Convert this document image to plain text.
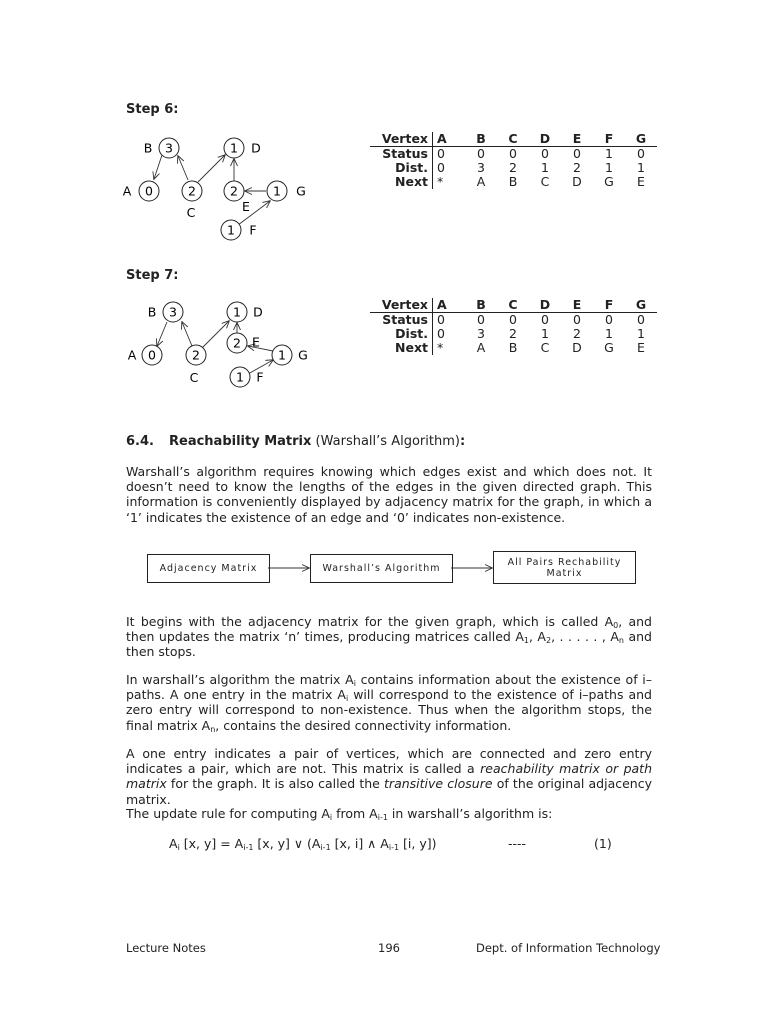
Step 6:
3
B	1 D
0
A	2
C
2
E
1 G
1 F
Vertex	A	B	C	D	E	F	G
Status	0	0	0	0	0	1	0
Dist.	0	3	2	1	2	1	1
Next	*	A	B	C	D	G	E
Step 7:
3
B	1 D
2 E
0
A	2
C
1 G
1 F
Vertex	A	B	C	D	E	F	G
Status	0	0	0	0	0	0	0
Dist.	0	3	2	1	2	1	1
Next	*	A	B	C	D	G	E
6.4. Reachability Matrix (Warshall’s Algorithm):
Warshall’s algorithm requires knowing which edges exist and which does not. It doesn’t need to know the lengths of the edges in the given directed graph. This information is conveniently displayed by adjacency matrix for the graph, in which a ‘1’ indicates the existence of an edge and ‘0’ indicates non-existence.
Adjacency Matrix	Warshall’s Algorithm
All Pairs Rechability
Matrix
It begins with the adjacency matrix for the given graph, which is called $A_0$, and then updates the matrix ‘n’ times, producing matrices called $A_1$, $A_2$, . . . . . , $A_n$ and then stops.
In warshall’s algorithm the matrix $A_i$ contains information about the existence of i–paths. A one entry in the matrix $A_i$ will correspond to the existence of i–paths and zero entry will correspond to non-existence. Thus when the algorithm stops, the final matrix $A_n$, contains the desired connectivity information.
A one entry indicates a pair of vertices, which are connected and zero entry indicates a pair, which are not. This matrix is called a reachability matrix or path matrix for the graph. It is also called the transitive closure of the original adjacency matrix.
The update rule for computing $A_i$ from $A_{i-1}$ in warshall’s algorithm is:
$A_i$ [x, $y] = A_{i-1}$ [x, y] ∨ ($A_{i-1}$ [x, i] ∧ $A_{i-1}$ [i, y])	----	(1)
Lecture Notes	196	Dept. of Information Technology
